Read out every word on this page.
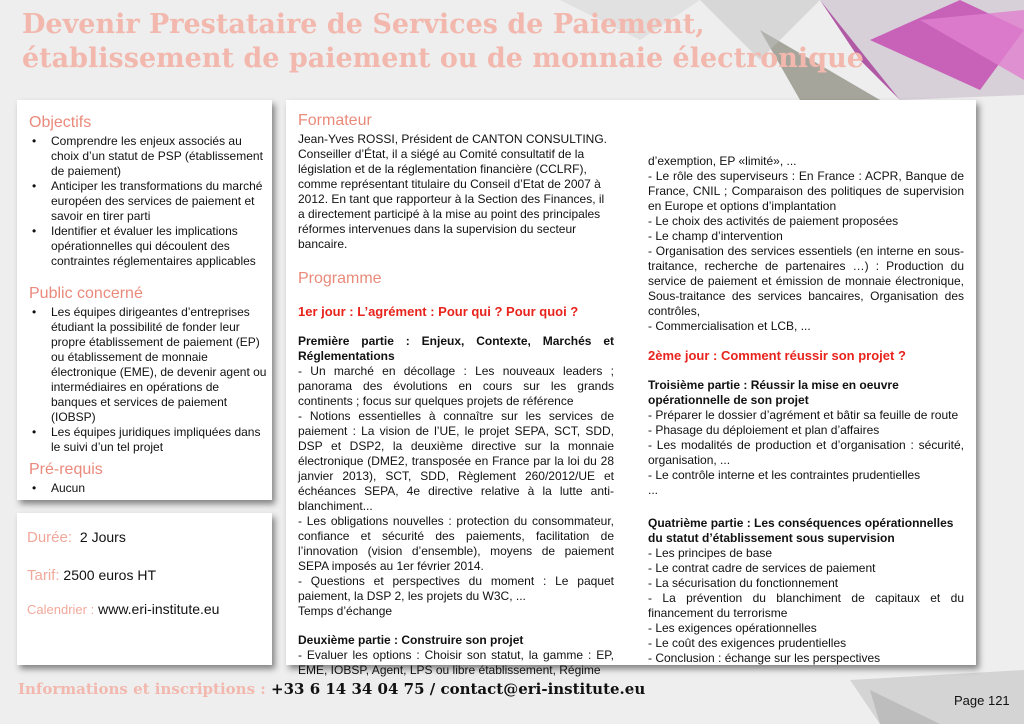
Devenir Prestataire de Services de Paiement,
établissement de paiement ou de monnaie électronique
Objectifs
• Comprendre les enjeux associés au choix d’un statut de PSP (établissement de paiement)
• Anticiper les transformations du marché européen des services de paiement et savoir en tirer parti
• Identifier et évaluer les implications opérationnelles qui découlent des contraintes réglementaires applicables
Public concerné
• Les équipes dirigeantes d’entreprises étudiant la possibilité de fonder leur propre établissement de paiement (EP) ou établissement de monnaie électronique (EME), de devenir agent ou intermédiaires en opérations de banques et services de paiement (IOBSP)
• Les équipes juridiques impliquées dans le suivi d’un tel projet
Pré-requis
• Aucun
Durée: 2 Jours
Tarif: 2500 euros HT
Calendrier : www.eri-institute.eu
Formateur

Jean-Yves ROSSI, Président de CANTON CONSULTING. Conseiller d’État, il a siégé au Comité consultatif de la législation et de la réglementation financière (CCLRF), comme représentant titulaire du Conseil d’Etat de 2007 à 2012. En tant que rapporteur à la Section des Finances, il a directement participé à la mise au point des principales réformes intervenues dans la supervision du secteur bancaire.

Programme

1er jour : L’agrément : Pour qui ? Pour quoi ?

Première partie : Enjeux, Contexte, Marchés et Réglementations

- Un marché en décollage : Les nouveaux leaders ; panorama des évolutions en cours sur les grands continents ; focus sur quelques projets de référence

- Notions essentielles à connaître sur les services de paiement : La vision de l’UE, le projet SEPA, SCT, SDD, DSP et DSP2, la deuxième directive sur la monnaie électronique (DME2, transposée en France par la loi du 28 janvier 2013), SCT, SDD, Règlement 260/2012/UE et échéances SEPA, 4e directive relative à la lutte anti-blanchiment...

- Les obligations nouvelles : protection du consommateur, confiance et sécurité des paiements, facilitation de l’innovation (vision d’ensemble), moyens de paiement SEPA imposés au 1er février 2014.

- Questions et perspectives du moment : Le paquet paiement, la DSP 2, les projets du W3C, ...

Temps d’échange

Deuxième partie : Construire son projet

- Evaluer les options : Choisir son statut, la gamme : EP, EME, IOBSP, Agent, LPS ou libre établissement, Régime

d’exemption, EP «limité», ...

- Le rôle des superviseurs : En France : ACPR, Banque de France, CNIL ; Comparaison des politiques de supervision en Europe et options d’implantation

- Le choix des activités de paiement proposées

- Le champ d’intervention

- Organisation des services essentiels (en interne en sous-traitance, recherche de partenaires …) : Production du service de paiement et émission de monnaie électronique, Sous-traitance des services bancaires, Organisation des contrôles,

- Commercialisation et LCB, ...

2ème jour : Comment réussir son projet ?

Troisième partie : Réussir la mise en oeuvre opérationnelle de son projet

- Préparer le dossier d’agrément et bâtir sa feuille de route

- Phasage du déploiement et plan d’affaires

- Les modalités de production et d’organisation : sécurité, organisation, ...

- Le contrôle interne et les contraintes prudentielles

...

Quatrième partie : Les conséquences opérationnelles du statut d’établissement sous supervision

- Les principes de base

- Le contrat cadre de services de paiement

- La sécurisation du fonctionnement

- La prévention du blanchiment de capitaux et du financement du terrorisme

- Les exigences opérationnelles

- Le coût des exigences prudentielles

- Conclusion : échange sur les perspectives

Informations et inscriptions : +33 6 14 34 04 75 / contact@eri-institute.eu
Page 121
